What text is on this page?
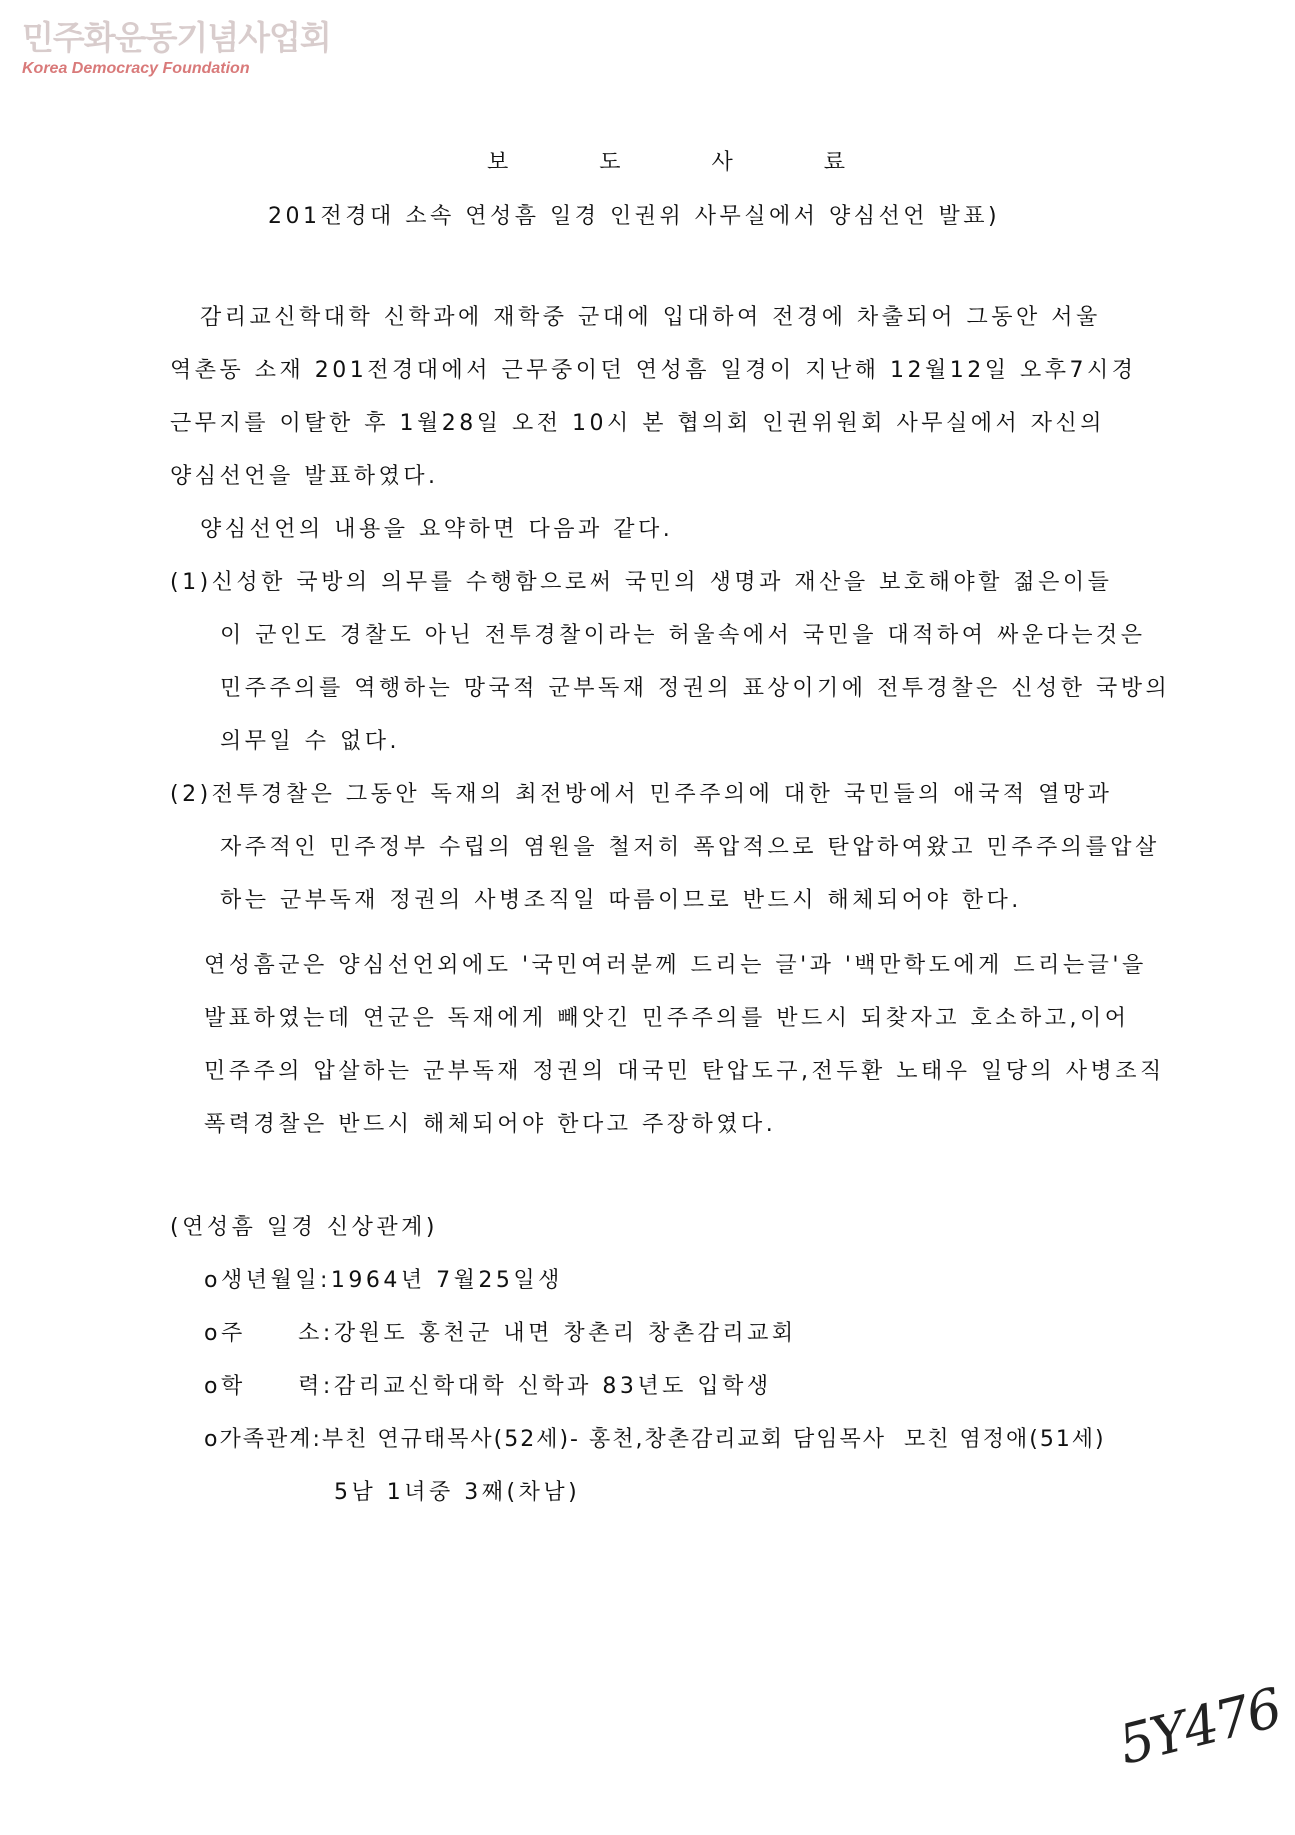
민주화운동기념사업회
Korea Democracy Foundation
보 도 사 료
201전경대 소속 연성흠 일경 인권위 사무실에서 양심선언 발표)
감리교신학대학 신학과에 재학중 군대에 입대하여 전경에 차출되어 그동안 서울
역촌동 소재 201전경대에서 근무중이던 연성흠 일경이 지난해 12월12일 오후7시경
근무지를 이탈한 후 1월28일 오전 10시 본 협의회 인권위원회 사무실에서 자신의
양심선언을 발표하였다.
양심선언의 내용을 요약하면 다음과 같다.
(1)신성한 국방의 의무를 수행함으로써 국민의 생명과 재산을 보호해야할 젊은이들
이 군인도 경찰도 아닌 전투경찰이라는 허울속에서 국민을 대적하여 싸운다는것은
민주주의를 역행하는 망국적 군부독재 정권의 표상이기에 전투경찰은 신성한 국방의
의무일 수 없다.
(2)전투경찰은 그동안 독재의 최전방에서 민주주의에 대한 국민들의 애국적 열망과
자주적인 민주정부 수립의 염원을 철저히 폭압적으로 탄압하여왔고 민주주의를압살
하는 군부독재 정권의 사병조직일 따름이므로 반드시 해체되어야 한다.
연성흠군은 양심선언외에도 '국민여러분께 드리는 글'과 '백만학도에게 드리는글'을
발표하였는데 연군은 독재에게 빼앗긴 민주주의를 반드시 되찾자고 호소하고,이어
민주주의 압살하는 군부독재 정권의 대국민 탄압도구,전두환 노태우 일당의 사병조직
폭력경찰은 반드시 해체되어야 한다고 주장하였다.
(연성흠 일경 신상관계)
o생년월일:1964년 7월25일생
o주     소:강원도 홍천군 내면 창촌리 창촌감리교회
o학     력:감리교신학대학 신학과 83년도 입학생
o가족관계:부친 연규태목사(52세)- 홍천,창촌감리교회 담임목사  모친 염정애(51세)
5남 1녀중 3째(차남)
5Y476
